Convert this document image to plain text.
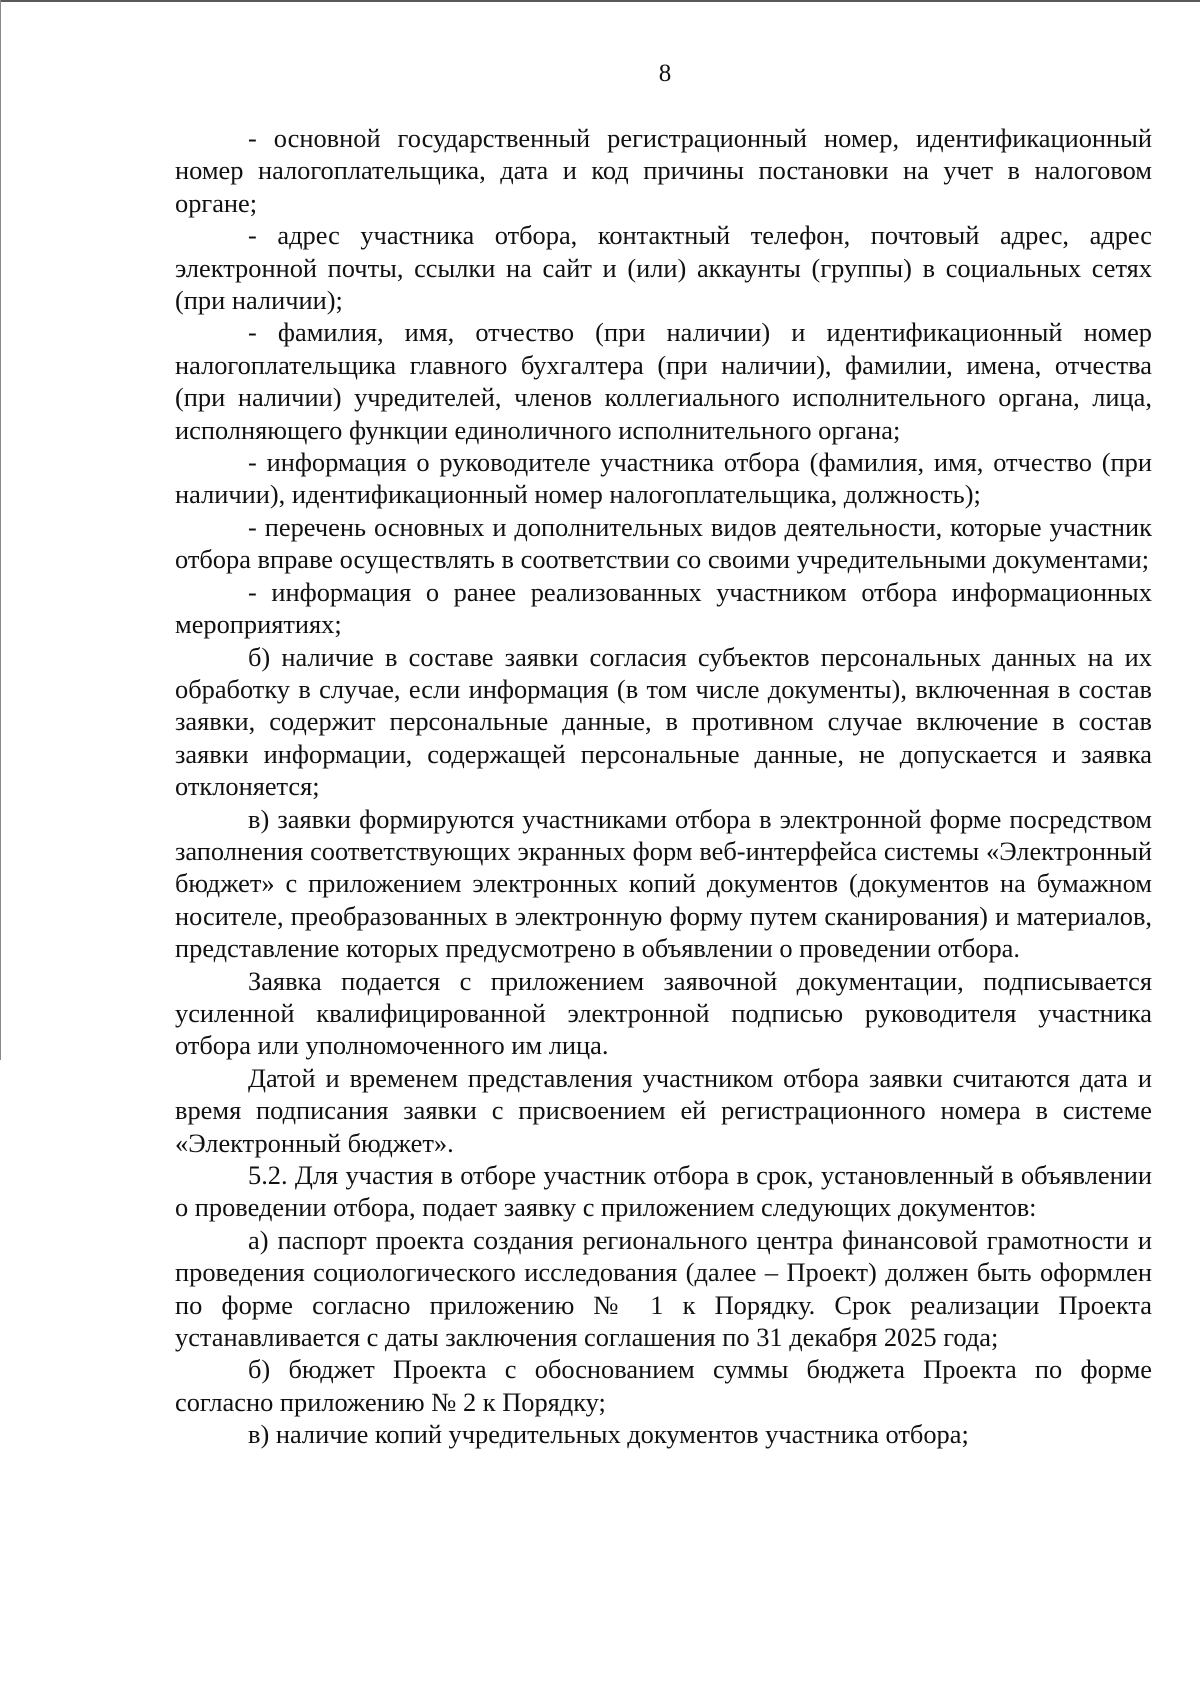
8

- основной государственный регистрационный номер, идентификационный номер налогоплательщика, дата и код причины постановки на учет в налоговом органе;

- адрес участника отбора, контактный телефон, почтовый адрес, адрес электронной почты, ссылки на сайт и (или) аккаунты (группы) в социальных сетях (при наличии);

- фамилия, имя, отчество (при наличии) и идентификационный номер налогоплательщика главного бухгалтера (при наличии), фамилии, имена, отчества (при наличии) учредителей, членов коллегиального исполнительного органа, лица, исполняющего функции единоличного исполнительного органа;

- информация о руководителе участника отбора (фамилия, имя, отчество (при наличии), идентификационный номер налогоплательщика, должность);

- перечень основных и дополнительных видов деятельности, которые участник отбора вправе осуществлять в соответствии со своими учредительными документами;

- информация о ранее реализованных участником отбора информационных мероприятиях;

б) наличие в составе заявки согласия субъектов персональных данных на их обработку в случае, если информация (в том числе документы), включенная в состав заявки, содержит персональные данные, в противном случае включение в состав заявки информации, содержащей персональные данные, не допускается и заявка отклоняется;

в) заявки формируются участниками отбора в электронной форме посредством заполнения соответствующих экранных форм веб-интерфейса системы «Электронный бюджет» с приложением электронных копий документов (документов на бумажном носителе, преобразованных в электронную форму путем сканирования) и материалов, представление которых предусмотрено в объявлении о проведении отбора.

Заявка подается с приложением заявочной документации, подписывается усиленной квалифицированной электронной подписью руководителя участника отбора или уполномоченного им лица.

Датой и временем представления участником отбора заявки считаются дата и время подписания заявки с присвоением ей регистрационного номера в системе «Электронный бюджет».

5.2. Для участия в отборе участник отбора в срок, установленный в объявлении о проведении отбора, подает заявку с приложением следующих документов:

а) паспорт проекта создания регионального центра финансовой грамотности и проведения социологического исследования (далее – Проект) должен быть оформлен по форме согласно приложению № 1 к Порядку. Срок реализации Проекта устанавливается с даты заключения соглашения по 31 декабря 2025 года;

б) бюджет Проекта с обоснованием суммы бюджета Проекта по форме согласно приложению № 2 к Порядку;

в) наличие копий учредительных документов участника отбора;
